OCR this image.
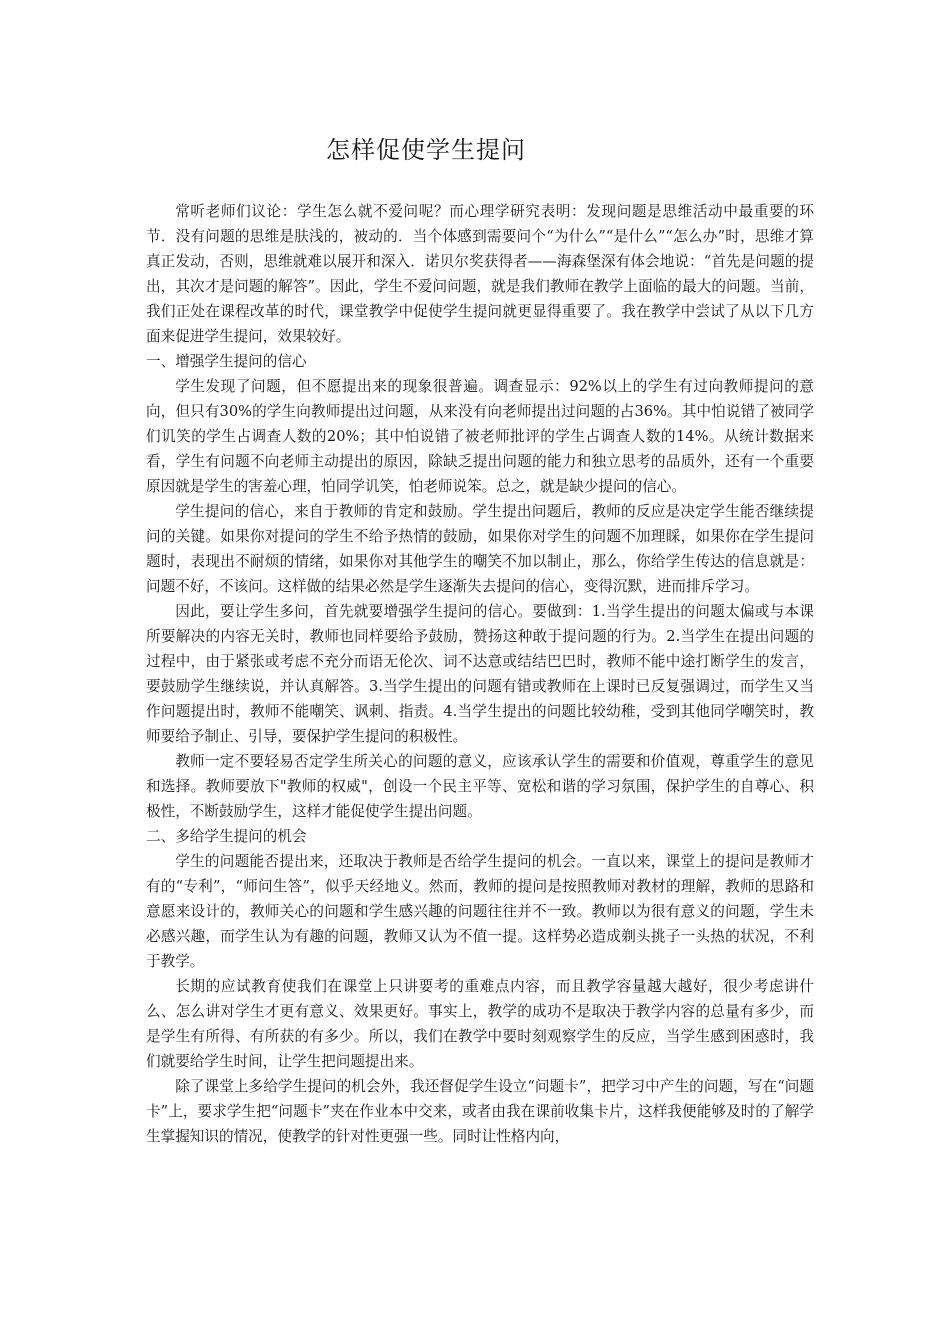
怎样促使学生提问

常听老师们议论：学生怎么就不爱问呢？而心理学研究表明：发现问题是思维活动中最重要的环节．没有问题的思维是肤浅的，被动的．当个体感到需要问个“为什么”“是什么”“怎么办”时，思维才算真正发动，否则，思维就难以展开和深入．诺贝尔奖获得者——海森堡深有体会地说：“首先是问题的提出，其次才是问题的解答”。因此，学生不爱问问题，就是我们教师在教学上面临的最大的问题。当前，我们正处在课程改革的时代，课堂教学中促使学生提问就更显得重要了。我在教学中尝试了从以下几方面来促进学生提问，效果较好。

一、增强学生提问的信心

学生发现了问题，但不愿提出来的现象很普遍。调查显示：92%以上的学生有过向教师提问的意向，但只有30%的学生向教师提出过问题，从来没有向老师提出过问题的占36%。其中怕说错了被同学们讥笑的学生占调查人数的20%；其中怕说错了被老师批评的学生占调查人数的14%。从统计数据来看，学生有问题不向老师主动提出的原因，除缺乏提出问题的能力和独立思考的品质外，还有一个重要原因就是学生的害羞心理，怕同学讥笑，怕老师说笨。总之，就是缺少提问的信心。

学生提问的信心，来自于教师的肯定和鼓励。学生提出问题后，教师的反应是决定学生能否继续提问的关键。如果你对提问的学生不给予热情的鼓励，如果你对学生的问题不加理睬，如果你在学生提问题时，表现出不耐烦的情绪，如果你对其他学生的嘲笑不加以制止，那么，你给学生传达的信息就是：问题不好，不该问。这样做的结果必然是学生逐渐失去提问的信心，变得沉默，进而排斥学习。

因此，要让学生多问，首先就要增强学生提问的信心。要做到：1.当学生提出的问题太偏或与本课所要解决的内容无关时，教师也同样要给予鼓励，赞扬这种敢于提问题的行为。2.当学生在提出问题的过程中，由于紧张或考虑不充分而语无伦次、词不达意或结结巴巴时，教师不能中途打断学生的发言，要鼓励学生继续说，并认真解答。3.当学生提出的问题有错或教师在上课时已反复强调过，而学生又当作问题提出时，教师不能嘲笑、讽刺、指责。4.当学生提出的问题比较幼稚，受到其他同学嘲笑时，教师要给予制止、引导，要保护学生提问的积极性。

教师一定不要轻易否定学生所关心的问题的意义，应该承认学生的需要和价值观，尊重学生的意见和选择。教师要放下"教师的权威"，创设一个民主平等、宽松和谐的学习氛围，保护学生的自尊心、积极性，不断鼓励学生，这样才能促使学生提出问题。

二、多给学生提问的机会

学生的问题能否提出来，还取决于教师是否给学生提问的机会。一直以来，课堂上的提问是教师才有的“专利”，“师问生答”，似乎天经地义。然而，教师的提问是按照教师对教材的理解，教师的思路和意愿来设计的，教师关心的问题和学生感兴趣的问题往往并不一致。教师以为很有意义的问题，学生未必感兴趣，而学生认为有趣的问题，教师又认为不值一提。这样势必造成剃头挑子一头热的状况，不利于教学。

长期的应试教育使我们在课堂上只讲要考的重难点内容，而且教学容量越大越好，很少考虑讲什么、怎么讲对学生才更有意义、效果更好。事实上，教学的成功不是取决于教学内容的总量有多少，而是学生有所得、有所获的有多少。所以，我们在教学中要时刻观察学生的反应，当学生感到困惑时，我们就要给学生时间，让学生把问题提出来。

除了课堂上多给学生提问的机会外，我还督促学生设立“问题卡”，把学习中产生的问题，写在“问题卡”上，要求学生把“问题卡”夹在作业本中交来，或者由我在课前收集卡片，这样我便能够及时的了解学生掌握知识的情况，使教学的针对性更强一些。同时让性格内向，
